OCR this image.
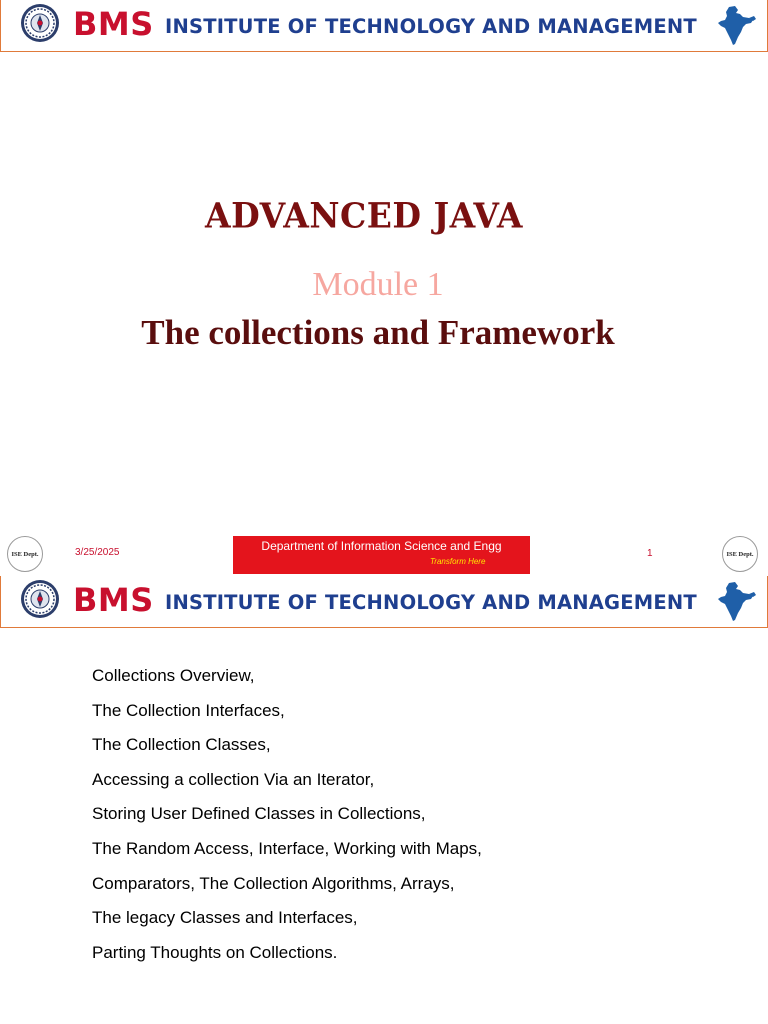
BMS INSTITUTE OF TECHNOLOGY AND MANAGEMENT
ADVANCED JAVA
Module 1
The collections and Framework
ISE Dept.	3/25/2025	Department of Information Science and Engg
Transform Here
1	ISE Dept.
BMS INSTITUTE OF TECHNOLOGY AND MANAGEMENT
Collections Overview,
The Collection Interfaces,
The Collection Classes,
Accessing a collection Via an Iterator,
Storing User Defined Classes in Collections,
The Random Access, Interface, Working with Maps,
Comparators, The Collection Algorithms, Arrays,
The legacy Classes and Interfaces,
Parting Thoughts on Collections.
